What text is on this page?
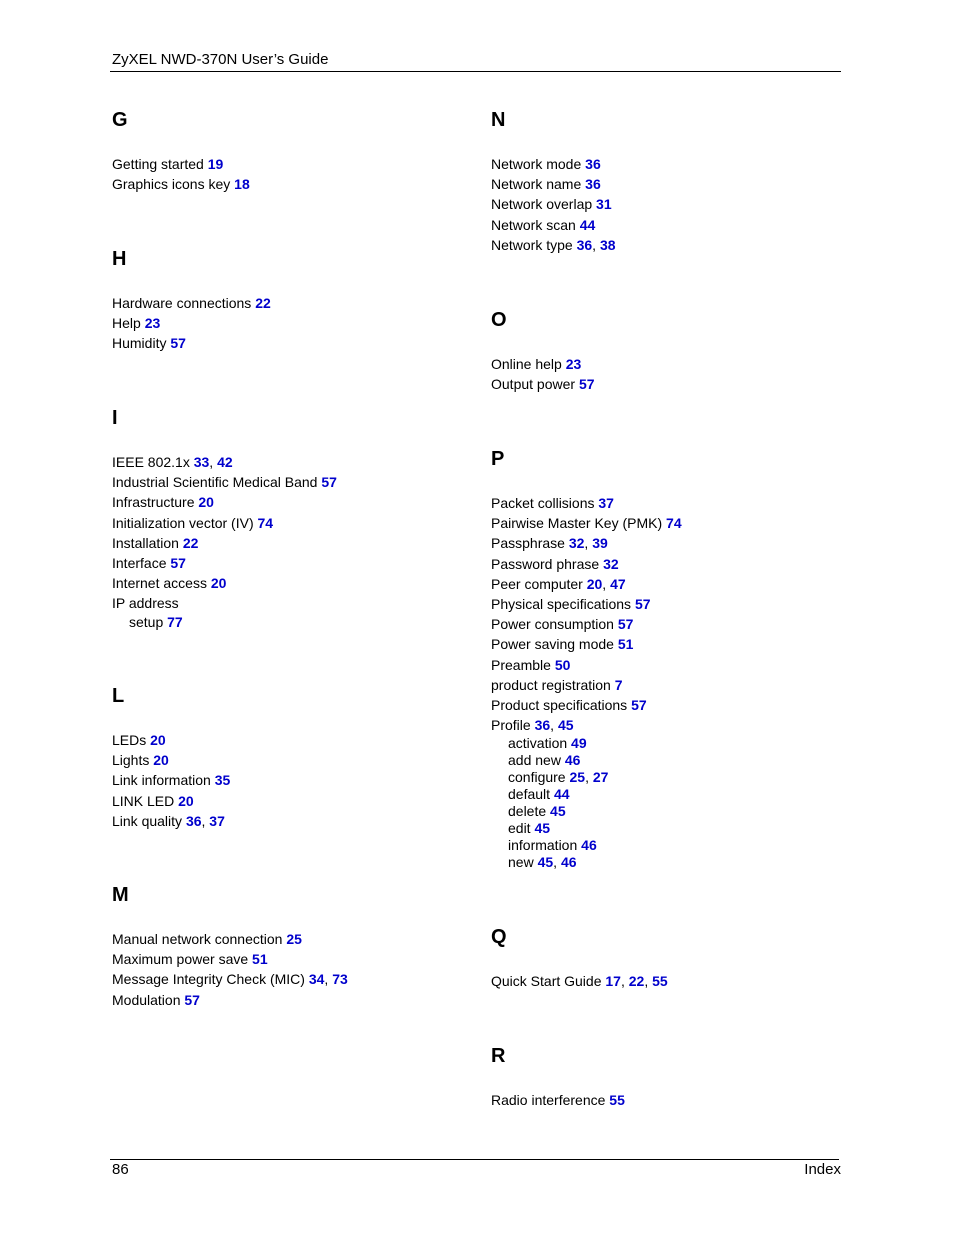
ZyXEL NWD-370N User’s Guide
G
Getting started 19
Graphics icons key 18
H
Hardware connections 22
Help 23
Humidity 57
I
IEEE 802.1x 33, 42
Industrial Scientific Medical Band 57
Infrastructure 20
Initialization vector (IV) 74
Installation 22
Interface 57
Internet access 20
IP address
setup 77
L
LEDs 20
Lights 20
Link information 35
LINK LED 20
Link quality 36, 37
M
Manual network connection 25
Maximum power save 51
Message Integrity Check (MIC) 34, 73
Modulation 57
N
Network mode 36
Network name 36
Network overlap 31
Network scan 44
Network type 36, 38
O
Online help 23
Output power 57
P
Packet collisions 37
Pairwise Master Key (PMK) 74
Passphrase 32, 39
Password phrase 32
Peer computer 20, 47
Physical specifications 57
Power consumption 57
Power saving mode 51
Preamble 50
product registration 7
Product specifications 57
Profile 36, 45
activation 49
add new 46
configure 25, 27
default 44
delete 45
edit 45
information 46
new 45, 46
Q
Quick Start Guide 17, 22, 55
R
Radio interference 55
86	Index
